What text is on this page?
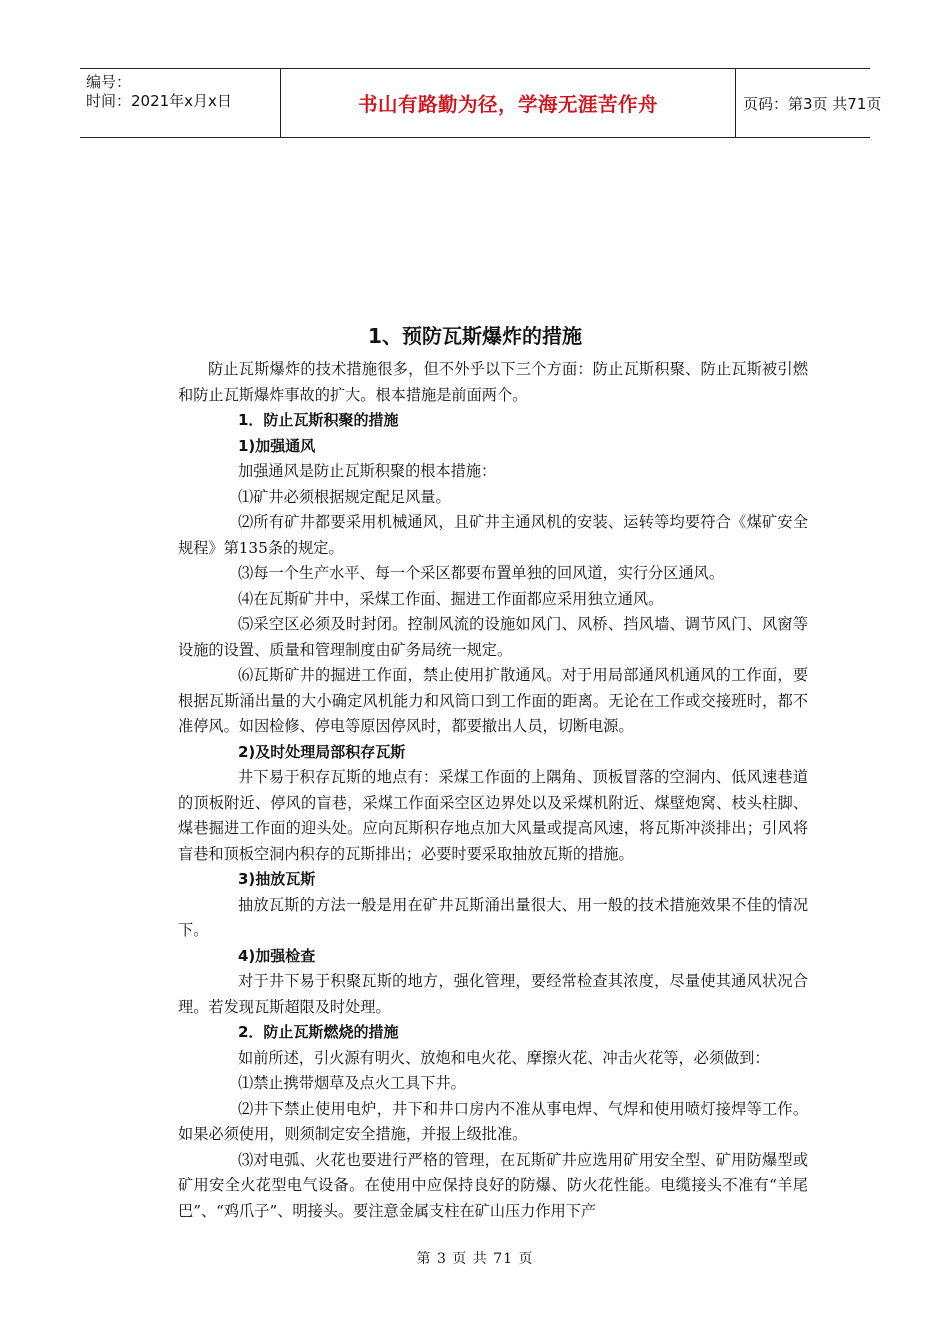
编号：
时间：2021年x月x日	书山有路勤为径，学海无涯苦作舟	页码：第3页 共71页
1、预防瓦斯爆炸的措施

防止瓦斯爆炸的技术措施很多，但不外乎以下三个方面：防止瓦斯积聚、防止瓦斯被引燃和防止瓦斯爆炸事故的扩大。根本措施是前面两个。

1．防止瓦斯积聚的措施

1)加强通风

加强通风是防止瓦斯积聚的根本措施：

⑴矿井必须根据规定配足风量。

⑵所有矿井都要采用机械通风，且矿井主通风机的安装、运转等均要符合《煤矿安全规程》第135条的规定。

⑶每一个生产水平、每一个采区都要布置单独的回风道，实行分区通风。

⑷在瓦斯矿井中，采煤工作面、掘进工作面都应采用独立通风。

⑸采空区必须及时封闭。控制风流的设施如风门、风桥、挡风墙、调节风门、风窗等设施的设置、质量和管理制度由矿务局统一规定。

⑹瓦斯矿井的掘进工作面，禁止使用扩散通风。对于用局部通风机通风的工作面，要根据瓦斯涌出量的大小确定风机能力和风筒口到工作面的距离。无论在工作或交接班时，都不准停风。如因检修、停电等原因停风时，都要撤出人员，切断电源。

2)及时处理局部积存瓦斯

井下易于积存瓦斯的地点有：采煤工作面的上隅角、顶板冒落的空洞内、低风速巷道的顶板附近、停风的盲巷，采煤工作面采空区边界处以及采煤机附近、煤壁炮窝、枝头柱脚、煤巷掘进工作面的迎头处。应向瓦斯积存地点加大风量或提高风速，将瓦斯冲淡排出；引风将盲巷和顶板空洞内积存的瓦斯排出；必要时要采取抽放瓦斯的措施。

3)抽放瓦斯

抽放瓦斯的方法一般是用在矿井瓦斯涌出量很大、用一般的技术措施效果不佳的情况下。

4)加强检查

对于井下易于积聚瓦斯的地方，强化管理，要经常检查其浓度，尽量使其通风状况合理。若发现瓦斯超限及时处理。

2．防止瓦斯燃烧的措施

如前所述，引火源有明火、放炮和电火花、摩擦火花、冲击火花等，必须做到：

⑴禁止携带烟草及点火工具下井。

⑵井下禁止使用电炉，井下和井口房内不准从事电焊、气焊和使用喷灯接焊等工作。如果必须使用，则须制定安全措施，并报上级批准。

⑶对电弧、火花也要进行严格的管理，在瓦斯矿井应选用矿用安全型、矿用防爆型或矿用安全火花型电气设备。在使用中应保持良好的防爆、防火花性能。电缆接头不准有“羊尾巴”、“鸡爪子”、明接头。要注意金属支柱在矿山压力作用下产

第 3 页 共 71 页
